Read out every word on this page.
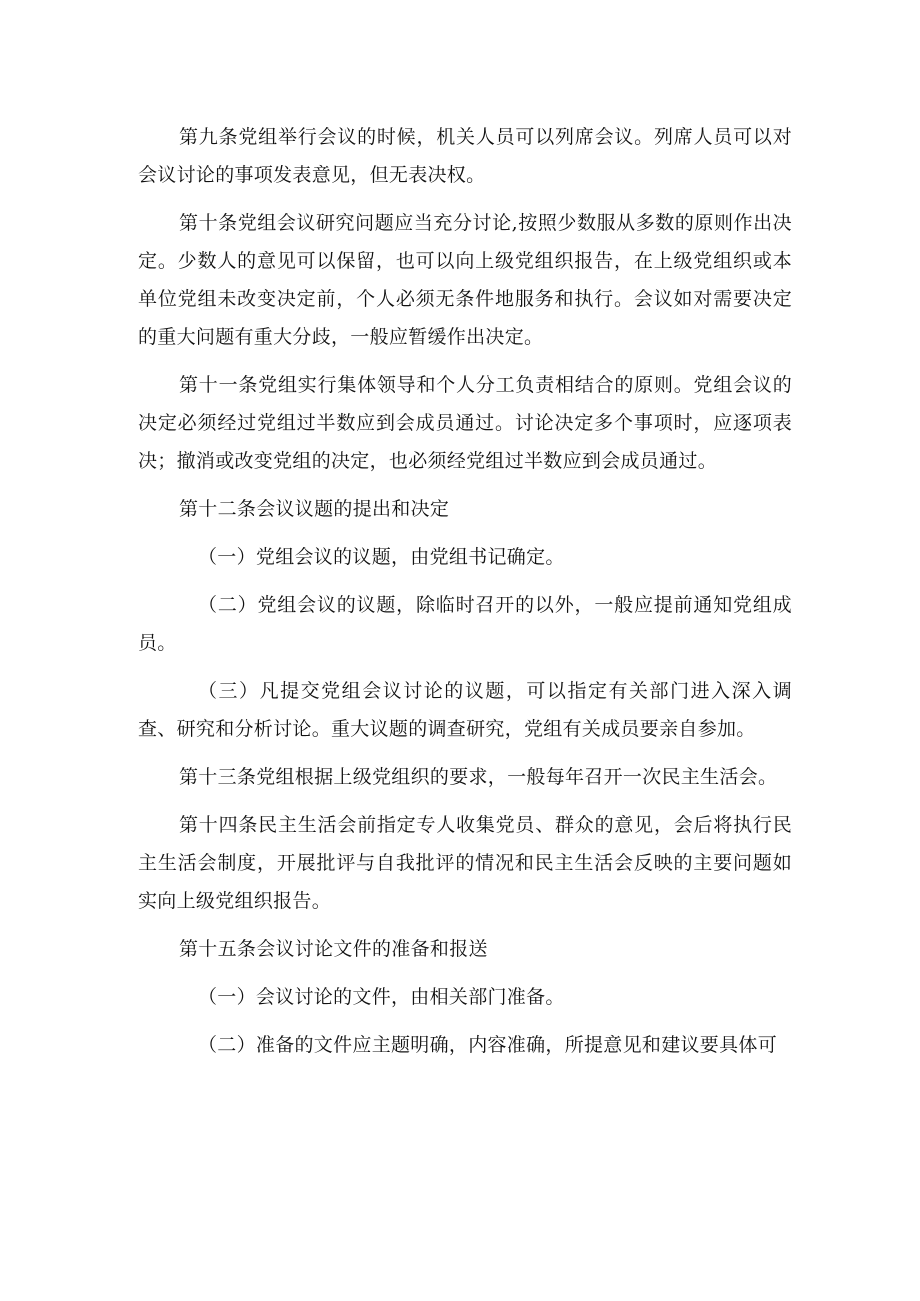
第九条党组举行会议的时候，机关人员可以列席会议。列席人员可以对会议讨论的事项发表意见，但无表决权。

第十条党组会议研究问题应当充分讨论,按照少数服从多数的原则作出决定。少数人的意见可以保留，也可以向上级党组织报告，在上级党组织或本单位党组未改变决定前，个人必须无条件地服务和执行。会议如对需要决定的重大问题有重大分歧，一般应暂缓作出决定。

第十一条党组实行集体领导和个人分工负责相结合的原则。党组会议的决定必须经过党组过半数应到会成员通过。讨论决定多个事项时，应逐项表决；撤消或改变党组的决定，也必须经党组过半数应到会成员通过。

第十二条会议议题的提出和决定

（一）党组会议的议题，由党组书记确定。

（二）党组会议的议题，除临时召开的以外，一般应提前通知党组成员。

（三）凡提交党组会议讨论的议题，可以指定有关部门进入深入调查、研究和分析讨论。重大议题的调查研究，党组有关成员要亲自参加。

第十三条党组根据上级党组织的要求，一般每年召开一次民主生活会。

第十四条民主生活会前指定专人收集党员、群众的意见，会后将执行民主生活会制度，开展批评与自我批评的情况和民主生活会反映的主要问题如实向上级党组织报告。

第十五条会议讨论文件的准备和报送

（一）会议讨论的文件，由相关部门准备。

（二）准备的文件应主题明确，内容准确，所提意见和建议要具体可
